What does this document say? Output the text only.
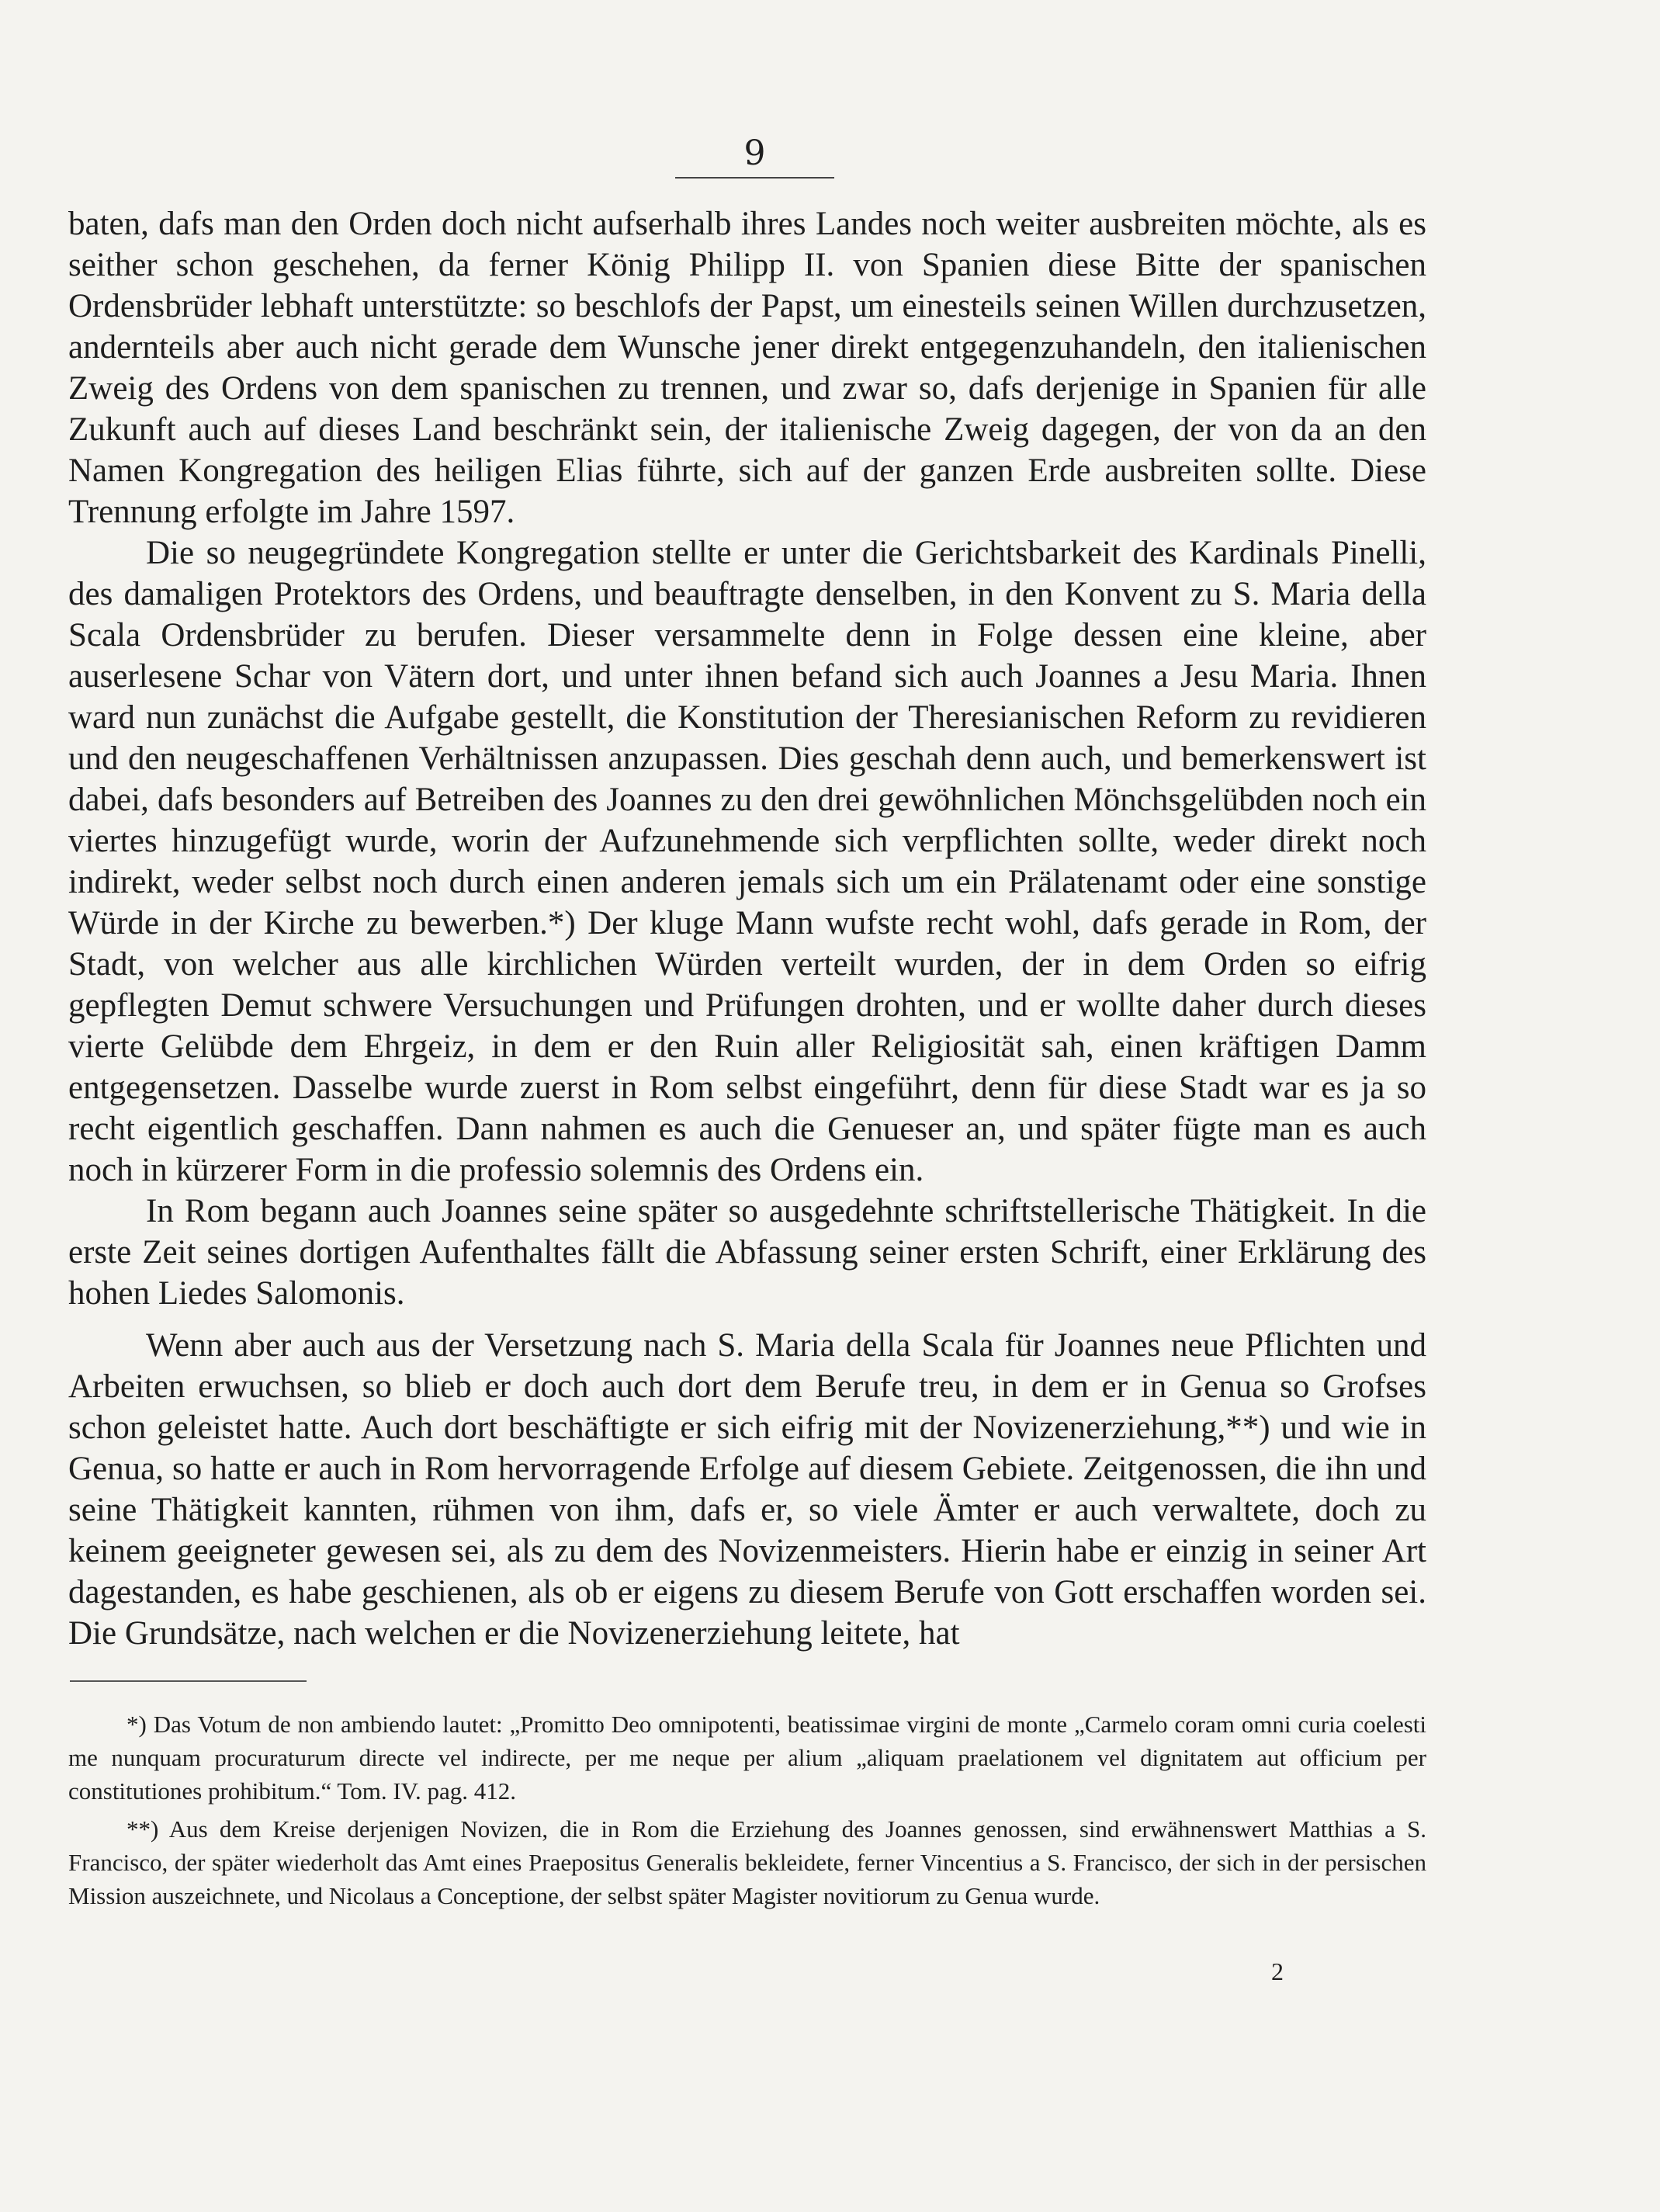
9

baten, dafs man den Orden doch nicht aufserhalb ihres Landes noch weiter ausbreiten möchte, als es seither schon geschehen, da ferner König Philipp II. von Spanien diese Bitte der spanischen Ordensbrüder lebhaft unterstützte: so beschlofs der Papst, um einesteils seinen Willen durchzusetzen, andernteils aber auch nicht gerade dem Wunsche jener direkt entgegenzuhandeln, den italienischen Zweig des Ordens von dem spanischen zu trennen, und zwar so, dafs derjenige in Spanien für alle Zukunft auch auf dieses Land beschränkt sein, der italienische Zweig dagegen, der von da an den Namen Kongregation des heiligen Elias führte, sich auf der ganzen Erde ausbreiten sollte. Diese Trennung erfolgte im Jahre 1597.

Die so neugegründete Kongregation stellte er unter die Gerichtsbarkeit des Kardinals Pinelli, des damaligen Protektors des Ordens, und beauftragte denselben, in den Konvent zu S. Maria della Scala Ordensbrüder zu berufen. Dieser versammelte denn in Folge dessen eine kleine, aber auserlesene Schar von Vätern dort, und unter ihnen befand sich auch Joannes a Jesu Maria. Ihnen ward nun zunächst die Aufgabe gestellt, die Konstitution der Theresianischen Reform zu revidieren und den neugeschaffenen Verhältnissen anzupassen. Dies geschah denn auch, und bemerkenswert ist dabei, dafs besonders auf Betreiben des Joannes zu den drei gewöhnlichen Mönchsgelübden noch ein viertes hinzugefügt wurde, worin der Aufzunehmende sich verpflichten sollte, weder direkt noch indirekt, weder selbst noch durch einen anderen jemals sich um ein Prälatenamt oder eine sonstige Würde in der Kirche zu bewerben.*) Der kluge Mann wufste recht wohl, dafs gerade in Rom, der Stadt, von welcher aus alle kirchlichen Würden verteilt wurden, der in dem Orden so eifrig gepflegten Demut schwere Versuchungen und Prüfungen drohten, und er wollte daher durch dieses vierte Gelübde dem Ehrgeiz, in dem er den Ruin aller Religiosität sah, einen kräftigen Damm entgegensetzen. Dasselbe wurde zuerst in Rom selbst eingeführt, denn für diese Stadt war es ja so recht eigentlich geschaffen. Dann nahmen es auch die Genueser an, und später fügte man es auch noch in kürzerer Form in die professio solemnis des Ordens ein.

In Rom begann auch Joannes seine später so ausgedehnte schriftstellerische Thätigkeit. In die erste Zeit seines dortigen Aufenthaltes fällt die Abfassung seiner ersten Schrift, einer Erklärung des hohen Liedes Salomonis.

Wenn aber auch aus der Versetzung nach S. Maria della Scala für Joannes neue Pflichten und Arbeiten erwuchsen, so blieb er doch auch dort dem Berufe treu, in dem er in Genua so Grofses schon geleistet hatte. Auch dort beschäftigte er sich eifrig mit der Novizenerziehung,**) und wie in Genua, so hatte er auch in Rom hervorragende Erfolge auf diesem Gebiete. Zeitgenossen, die ihn und seine Thätigkeit kannten, rühmen von ihm, dafs er, so viele Ämter er auch verwaltete, doch zu keinem geeigneter gewesen sei, als zu dem des Novizenmeisters. Hierin habe er einzig in seiner Art dagestanden, es habe geschienen, als ob er eigens zu diesem Berufe von Gott erschaffen worden sei. Die Grundsätze, nach welchen er die Novizenerziehung leitete, hat

*) Das Votum de non ambiendo lautet: „Promitto Deo omnipotenti, beatissimae virgini de monte „Carmelo coram omni curia coelesti me nunquam procuraturum directe vel indirecte, per me neque per alium „aliquam praelationem vel dignitatem aut officium per constitutiones prohibitum.“ Tom. IV. pag. 412.

**) Aus dem Kreise derjenigen Novizen, die in Rom die Erziehung des Joannes genossen, sind erwähnenswert Matthias a S. Francisco, der später wiederholt das Amt eines Praepositus Generalis bekleidete, ferner Vincentius a S. Francisco, der sich in der persischen Mission auszeichnete, und Nicolaus a Conceptione, der selbst später Magister novitiorum zu Genua wurde.

2
